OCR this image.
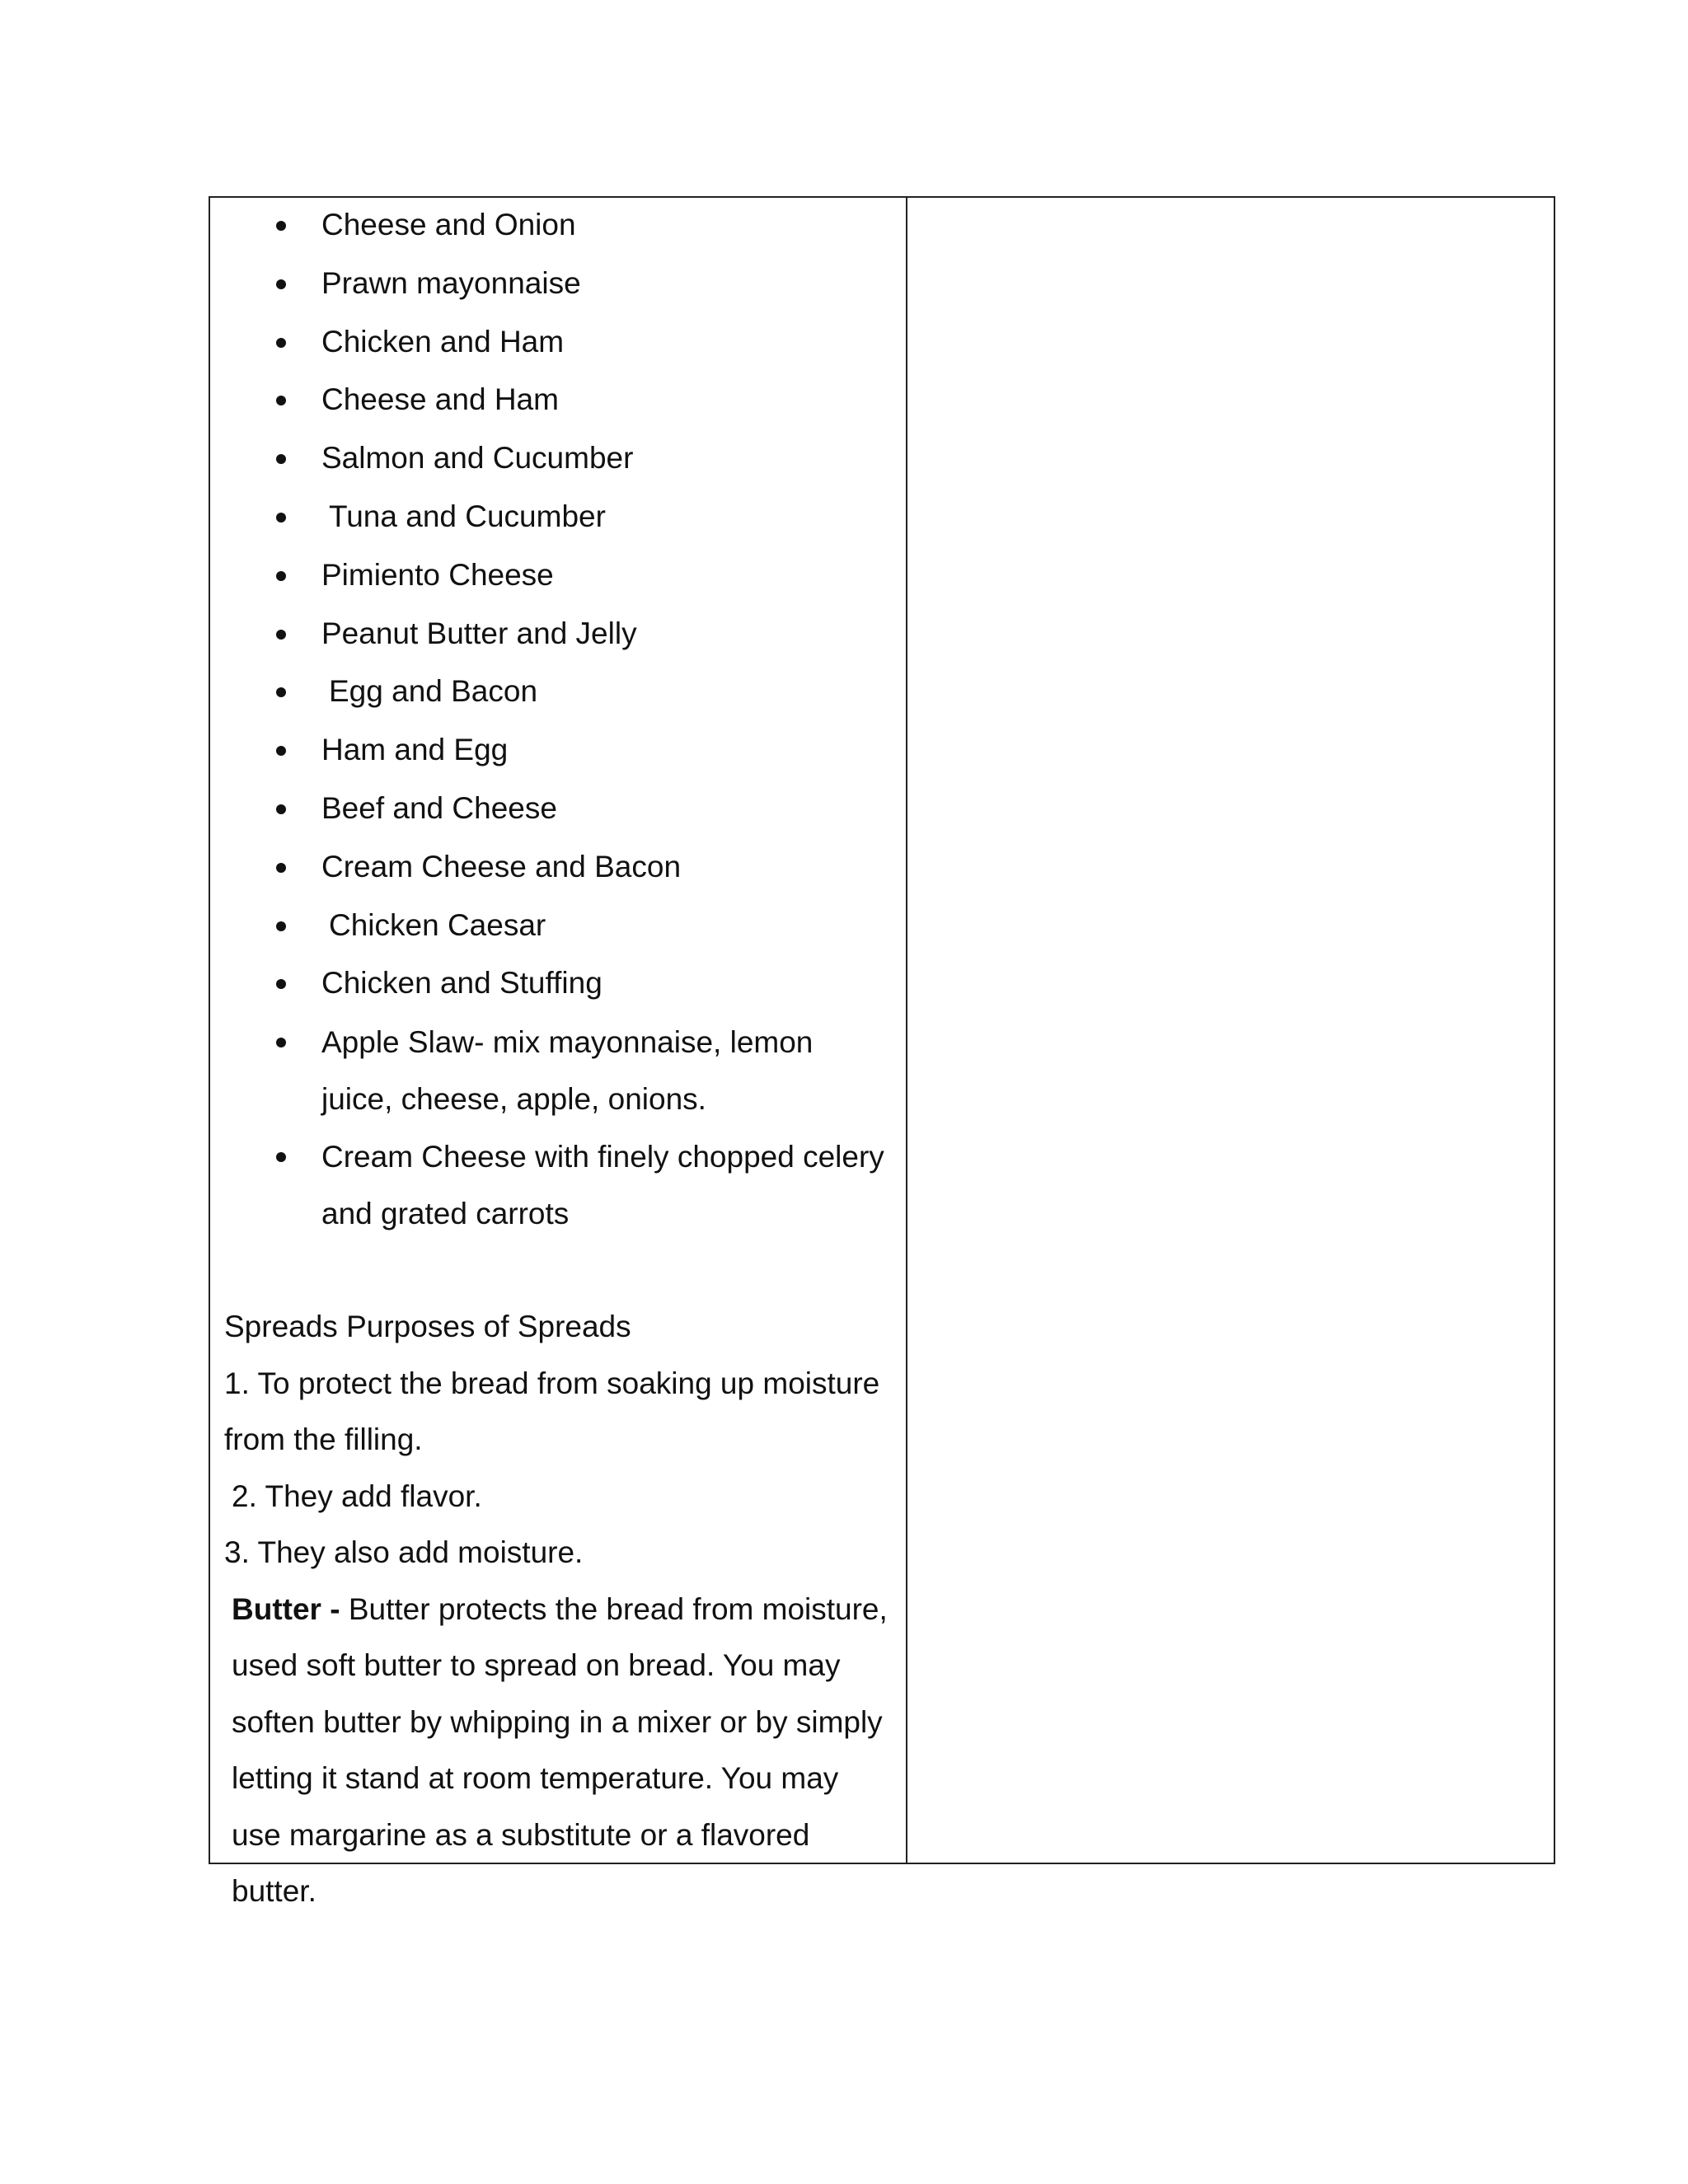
Cheese and Onion
Prawn mayonnaise
Chicken and Ham
Cheese and Ham
Salmon and Cucumber
Tuna and Cucumber
Pimiento Cheese
Peanut Butter and Jelly
Egg and Bacon
Ham and Egg
Beef and Cheese
Cream Cheese and Bacon
Chicken Caesar
Chicken and Stuffing
Apple Slaw- mix mayonnaise, lemon juice, cheese, apple, onions.
Cream Cheese with finely chopped celery and grated carrots

Spreads Purposes of Spreads

1. To protect the bread from soaking up moisture from the filling.

2. They add flavor.

3. They also add moisture.

Butter - Butter protects the bread from moisture, used soft butter to spread on bread. You may soften butter by whipping in a mixer or by simply letting it stand at room temperature. You may use margarine as a substitute or a flavored butter.
